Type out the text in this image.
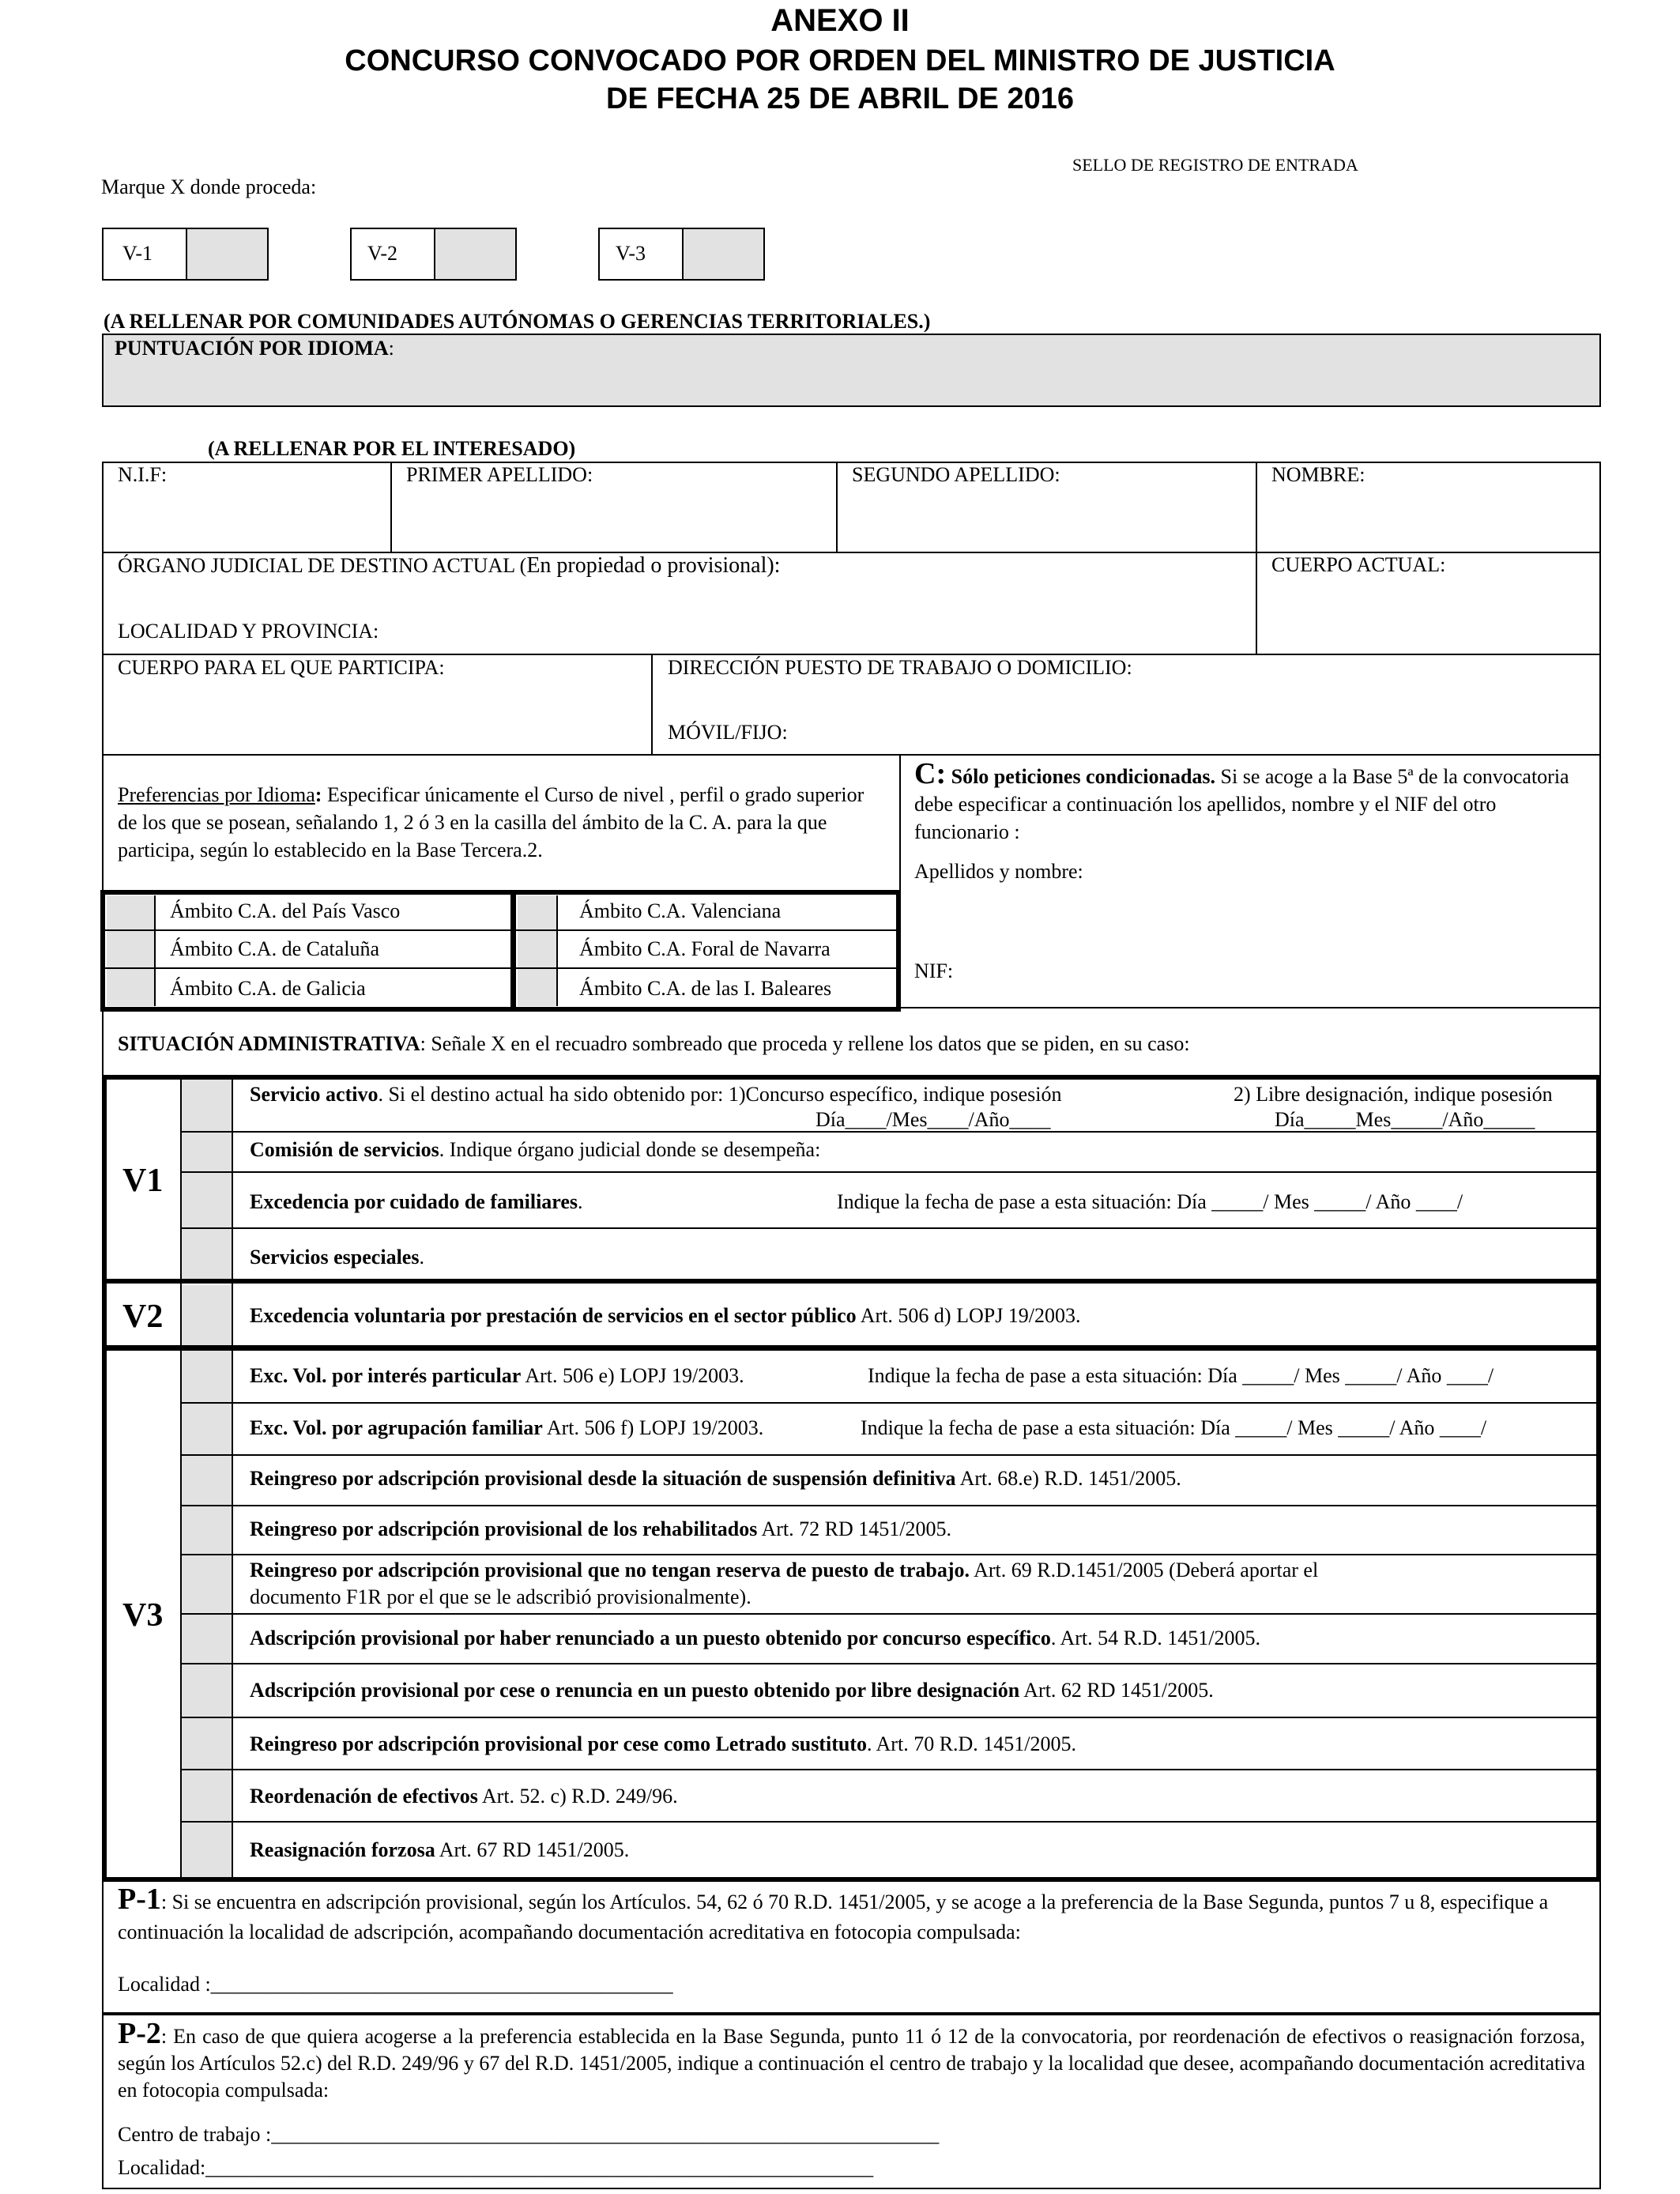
ANEXO II
CONCURSO CONVOCADO POR ORDEN DEL MINISTRO DE JUSTICIA
DE FECHA 25 DE ABRIL DE 2016
SELLO DE REGISTRO DE ENTRADA
Marque X donde proceda:
V-1	V-2	V-3
(A RELLENAR POR COMUNIDADES AUTÓNOMAS O GERENCIAS TERRITORIALES.)
PUNTUACIÓN POR IDIOMA:
(A RELLENAR POR EL INTERESADO)
N.I.F:	PRIMER APELLIDO:	SEGUNDO APELLIDO:	NOMBRE:
ÓRGANO JUDICIAL DE DESTINO ACTUAL (En propiedad o provisional):	CUERPO ACTUAL:
LOCALIDAD Y PROVINCIA:
CUERPO PARA EL QUE PARTICIPA:	DIRECCIÓN PUESTO DE TRABAJO O DOMICILIO:
MÓVIL/FIJO:
Preferencias por Idioma: Especificar únicamente el Curso de nivel , perfil o grado superior de los que se posean, señalando 1, 2 ó 3 en la casilla del ámbito de la C. A. para la que participa, según lo establecido en la Base Tercera.2.
Ámbito C.A. del País Vasco
Ámbito C.A. de Cataluña
Ámbito C.A. de Galicia
Ámbito C.A. Valenciana
Ámbito C.A. Foral de Navarra
Ámbito C.A. de las I. Baleares
C: Sólo peticiones condicionadas. Si se acoge a la Base 5ª de la convocatoria debe especificar a continuación los apellidos, nombre y el NIF del otro funcionario :
Apellidos y nombre:
NIF:
SITUACIÓN ADMINISTRATIVA: Señale X en el recuadro sombreado que proceda y rellene los datos que se piden, en su caso:
V1
Servicio activo. Si el destino actual ha sido obtenido por: 1)Concurso específico, indique posesión	2) Libre designación, indique posesión
Día____/Mes____/Año____	Día_____Mes_____/Año_____
Comisión de servicios. Indique órgano judicial donde se desempeña:
Excedencia por cuidado de familiares.	Indique la fecha de pase a esta situación: Día _____/ Mes _____/ Año ____/
Servicios especiales.
V2	Excedencia voluntaria por prestación de servicios en el sector público Art. 506 d) LOPJ 19/2003.
V3
Exc. Vol. por interés particular Art. 506 e) LOPJ 19/2003.	Indique la fecha de pase a esta situación: Día _____/ Mes _____/ Año ____/
Exc. Vol. por agrupación familiar Art. 506 f) LOPJ 19/2003.	Indique la fecha de pase a esta situación: Día _____/ Mes _____/ Año ____/
Reingreso por adscripción provisional desde la situación de suspensión definitiva Art. 68.e) R.D. 1451/2005.
Reingreso por adscripción provisional de los rehabilitados Art. 72 RD 1451/2005.
Reingreso por adscripción provisional que no tengan reserva de puesto de trabajo. Art. 69 R.D.1451/2005 (Deberá aportar el
documento F1R por el que se le adscribió provisionalmente).
Adscripción provisional por haber renunciado a un puesto obtenido por concurso específico. Art. 54 R.D. 1451/2005.
Adscripción provisional por cese o renuncia en un puesto obtenido por libre designación Art. 62 RD 1451/2005.
Reingreso por adscripción provisional por cese como Letrado sustituto. Art. 70 R.D. 1451/2005.
Reordenación de efectivos Art. 52. c) R.D. 249/96.
Reasignación forzosa Art. 67 RD 1451/2005.
P-1: Si se encuentra en adscripción provisional, según los Artículos. 54, 62 ó 70 R.D. 1451/2005, y se acoge a la preferencia de la Base Segunda, puntos 7 u 8, especifique a continuación la localidad de adscripción, acompañando documentación acreditativa en fotocopia compulsada:
Localidad :_____________________________________________
P-2: En caso de que quiera acogerse a la preferencia establecida en la Base Segunda, punto 11 ó 12 de la convocatoria, por reordenación de efectivos o reasignación forzosa, según los Artículos 52.c) del R.D. 249/96 y 67 del R.D. 1451/2005, indique a continuación el centro de trabajo y la localidad que desee, acompañando documentación acreditativa en fotocopia compulsada:
Centro de trabajo :_________________________________________________________________
Localidad:_________________________________________________________________
